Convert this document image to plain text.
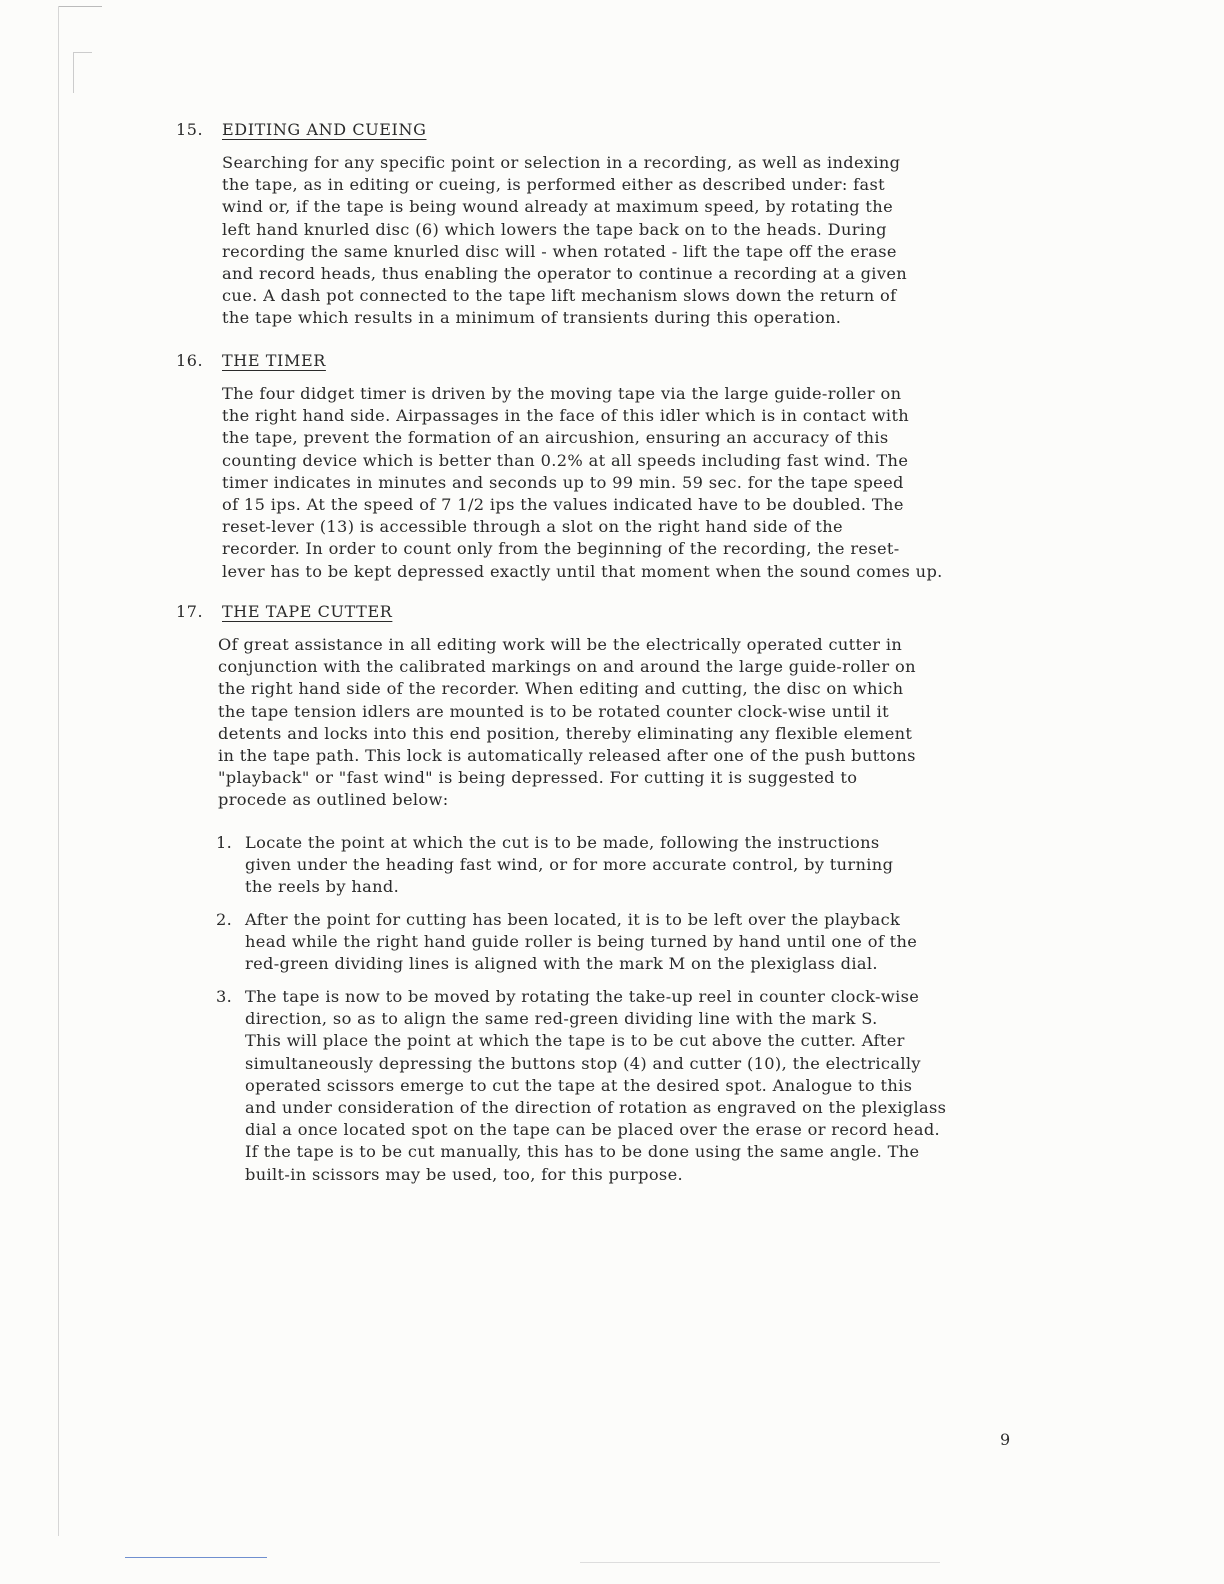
15.	EDITING AND CUEING
Searching for any specific point or selection in a recording, as well as indexing
the tape, as in editing or cueing, is performed either as described under: fast
wind or, if the tape is being wound already at maximum speed, by rotating the
left hand knurled disc (6) which lowers the tape back on to the heads. During
recording the same knurled disc will - when rotated - lift the tape off the erase
and record heads, thus enabling the operator to continue a recording at a given
cue. A dash pot connected to the tape lift mechanism slows down the return of
the tape which results in a minimum of transients during this operation.
16.	THE TIMER
The four didget timer is driven by the moving tape via the large guide-roller on
the right hand side. Airpassages in the face of this idler which is in contact with
the tape, prevent the formation of an aircushion, ensuring an accuracy of this
counting device which is better than 0.2% at all speeds including fast wind. The
timer indicates in minutes and seconds up to 99 min. 59 sec. for the tape speed
of 15 ips. At the speed of 7 1/2 ips the values indicated have to be doubled. The
reset-lever (13) is accessible through a slot on the right hand side of the
recorder. In order to count only from the beginning of the recording, the reset-
lever has to be kept depressed exactly until that moment when the sound comes up.
17.	THE TAPE CUTTER
Of great assistance in all editing work will be the electrically operated cutter in
conjunction with the calibrated markings on and around the large guide-roller on
the right hand side of the recorder. When editing and cutting, the disc on which
the tape tension idlers are mounted is to be rotated counter clock-wise until it
detents and locks into this end position, thereby eliminating any flexible element
in the tape path. This lock is automatically released after one of the push buttons
"playback" or "fast wind" is being depressed. For cutting it is suggested to
procede as outlined below:
1. Locate the point at which the cut is to be made, following the instructions
given under the heading fast wind, or for more accurate control, by turning
the reels by hand.
2. After the point for cutting has been located, it is to be left over the playback
head while the right hand guide roller is being turned by hand until one of the
red-green dividing lines is aligned with the mark M on the plexiglass dial.
3. The tape is now to be moved by rotating the take-up reel in counter clock-wise
direction, so as to align the same red-green dividing line with the mark S.
This will place the point at which the tape is to be cut above the cutter. After
simultaneously depressing the buttons stop (4) and cutter (10), the electrically
operated scissors emerge to cut the tape at the desired spot. Analogue to this
and under consideration of the direction of rotation as engraved on the plexiglass
dial a once located spot on the tape can be placed over the erase or record head.
If the tape is to be cut manually, this has to be done using the same angle. The
built-in scissors may be used, too, for this purpose.
9
